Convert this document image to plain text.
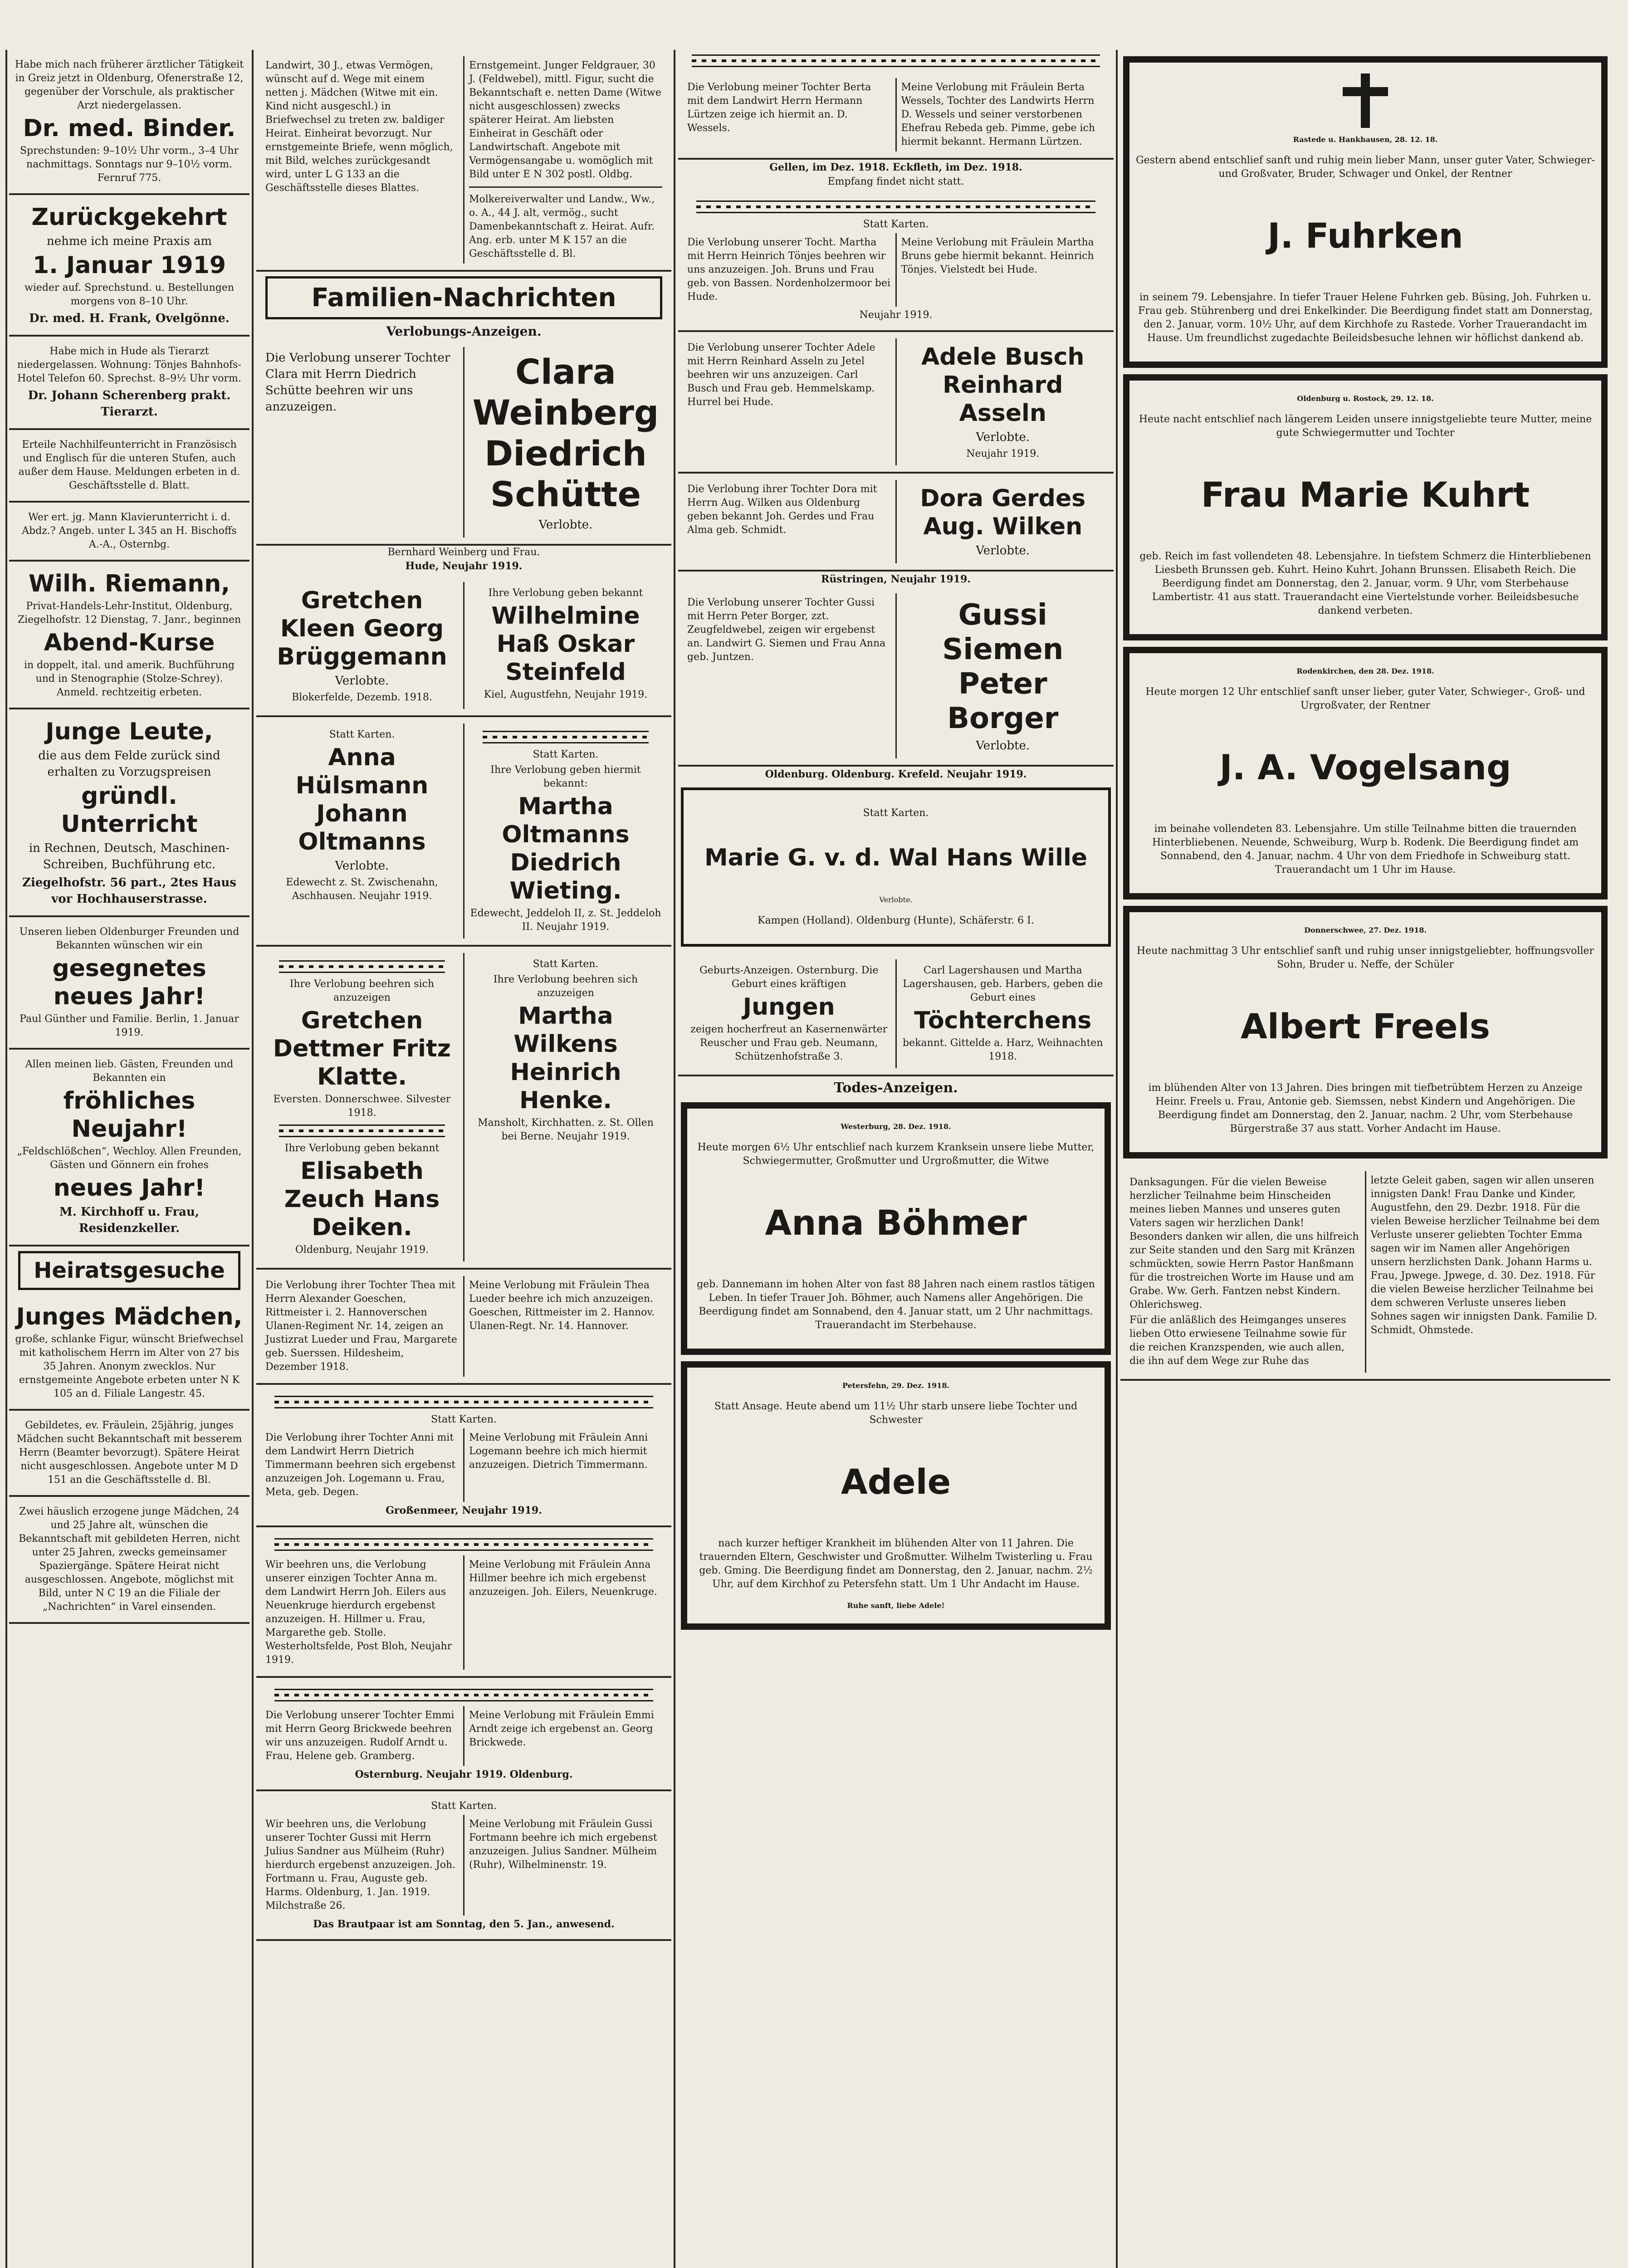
Habe mich nach früherer ärztlicher Tätigkeit in Greiz jetzt in Oldenburg, Ofenerstraße 12, gegenüber der Vorschule, als praktischer Arzt niedergelassen.

Dr. med. Binder.

Sprechstunden: 9–10½ Uhr vorm., 3–4 Uhr nachmittags. Sonntags nur 9–10½ vorm. Fernruf 775.

Zurückgekehrt

nehme ich meine Praxis am

1. Januar 1919

wieder auf. Sprechstund. u. Bestellungen morgens von 8–10 Uhr.

Dr. med. H. Frank, Ovelgönne.

Habe mich in Hude als Tierarzt niedergelassen. Wohnung: Tönjes Bahnhofs-Hotel Telefon 60. Sprechst. 8–9½ Uhr vorm.

Dr. Johann Scherenberg prakt. Tierarzt.

Erteile Nachhilfeunterricht in Französisch und Englisch für die unteren Stufen, auch außer dem Hause. Meldungen erbeten in d. Geschäftsstelle d. Blatt.

Wer ert. jg. Mann Klavierunterricht i. d. Abdz.? Angeb. unter L 345 an H. Bischoffs A.-A., Osternbg.

Wilh. Riemann,

Privat-Handels-Lehr-Institut, Oldenburg, Ziegelhofstr. 12 Dienstag, 7. Janr., beginnen

Abend-Kurse

in doppelt, ital. und amerik. Buchführung und in Stenographie (Stolze-Schrey). Anmeld. rechtzeitig erbeten.

Junge Leute,

die aus dem Felde zurück sind erhalten zu Vorzugspreisen

gründl. Unterricht

in Rechnen, Deutsch, Maschinen-Schreiben, Buchführung etc.

Ziegelhofstr. 56 part., 2tes Haus vor Hochhauserstrasse.

Unseren lieben Oldenburger Freunden und Bekannten wünschen wir ein

gesegnetes neues Jahr!

Paul Günther und Familie. Berlin, 1. Januar 1919.

Allen meinen lieb. Gästen, Freunden und Bekannten ein

fröhliches Neujahr!

„Feldschlößchen“, Wechloy. Allen Freunden, Gästen und Gönnern ein frohes

neues Jahr!

M. Kirchhoff u. Frau, Residenzkeller.

Heiratsgesuche

Junges Mädchen,

große, schlanke Figur, wünscht Briefwechsel mit katholischem Herrn im Alter von 27 bis 35 Jahren. Anonym zwecklos. Nur ernstgemeinte Angebote erbeten unter N K 105 an d. Filiale Langestr. 45.

Gebildetes, ev. Fräulein, 25jährig, junges Mädchen sucht Bekanntschaft mit besserem Herrn (Beamter bevorzugt). Spätere Heirat nicht ausgeschlossen. Angebote unter M D 151 an die Geschäftsstelle d. Bl.

Zwei häuslich erzogene junge Mädchen, 24 und 25 Jahre alt, wünschen die Bekanntschaft mit gebildeten Herren, nicht unter 25 Jahren, zwecks gemeinsamer Spaziergänge. Spätere Heirat nicht ausgeschlossen. Angebote, möglichst mit Bild, unter N C 19 an die Filiale der „Nachrichten“ in Varel einsenden.

Landwirt, 30 J., etwas Vermögen, wünscht auf d. Wege mit einem netten j. Mädchen (Witwe mit ein. Kind nicht ausgeschl.) in Briefwechsel zu treten zw. baldiger Heirat. Einheirat bevorzugt. Nur ernstgemeinte Briefe, wenn möglich, mit Bild, welches zurückgesandt wird, unter L G 133 an die Geschäftsstelle dieses Blattes.
Ernstgemeint. Junger Feldgrauer, 30 J. (Feldwebel), mittl. Figur, sucht die Bekanntschaft e. netten Dame (Witwe nicht ausgeschlossen) zwecks späterer Heirat. Am liebsten Einheirat in Geschäft oder Landwirtschaft. Angebote mit Vermögensangabe u. womöglich mit Bild unter E N 302 postl. Oldbg.
Molkereiverwalter und Landw., Ww., o. A., 44 J. alt, vermög., sucht Damenbekanntschaft z. Heirat. Aufr. Ang. erb. unter M K 157 an die Geschäftsstelle d. Bl.
Familien-Nachrichten

Verlobungs-Anzeigen.

Die Verlobung unserer Tochter Clara mit Herrn Diedrich Schütte beehren wir uns anzuzeigen.

Clara Weinberg Diedrich Schütte

Verlobte.

Bernhard Weinberg und Frau.

Hude, Neujahr 1919.

Gretchen Kleen Georg Brüggemann

Verlobte.

Blokerfelde, Dezemb. 1918.

Ihre Verlobung geben bekannt

Wilhelmine Haß Oskar Steinfeld

Kiel, Augustfehn, Neujahr 1919.

Statt Karten.

Anna Hülsmann Johann Oltmanns

Verlobte.

Edewecht z. St. Zwischenahn, Aschhausen. Neujahr 1919.

Statt Karten.

Ihre Verlobung geben hiermit bekannt:

Martha Oltmanns Diedrich Wieting.

Edewecht, Jeddeloh II, z. St. Jeddeloh II. Neujahr 1919.

Ihre Verlobung beehren sich anzuzeigen

Gretchen Dettmer Fritz Klatte.

Eversten. Donnerschwee. Silvester 1918.

Ihre Verlobung geben bekannt

Elisabeth Zeuch Hans Deiken.

Oldenburg, Neujahr 1919.

Statt Karten.

Ihre Verlobung beehren sich anzuzeigen

Martha Wilkens Heinrich Henke.

Mansholt, Kirchhatten. z. St. Ollen bei Berne. Neujahr 1919.

Die Verlobung ihrer Tochter Thea mit Herrn Alexander Goeschen, Rittmeister i. 2. Hannoverschen Ulanen-Regiment Nr. 14, zeigen an Justizrat Lueder und Frau, Margarete geb. Suerssen. Hildesheim, Dezember 1918.
Meine Verlobung mit Fräulein Thea Lueder beehre ich mich anzuzeigen. Goeschen, Rittmeister im 2. Hannov. Ulanen-Regt. Nr. 14. Hannover.

Statt Karten.

Die Verlobung ihrer Tochter Anni mit dem Landwirt Herrn Dietrich Timmermann beehren sich ergebenst anzuzeigen Joh. Logemann u. Frau, Meta, geb. Degen.
Meine Verlobung mit Fräulein Anni Logemann beehre ich mich hiermit anzuzeigen. Dietrich Timmermann.

Großenmeer, Neujahr 1919.

Wir beehren uns, die Verlobung unserer einzigen Tochter Anna m. dem Landwirt Herrn Joh. Eilers aus Neuenkruge hierdurch ergebenst anzuzeigen. H. Hillmer u. Frau, Margarethe geb. Stolle. Westerholtsfelde, Post Bloh, Neujahr 1919.
Meine Verlobung mit Fräulein Anna Hillmer beehre ich mich ergebenst anzuzeigen. Joh. Eilers, Neuenkruge.
Die Verlobung unserer Tochter Emmi mit Herrn Georg Brickwede beehren wir uns anzuzeigen. Rudolf Arndt u. Frau, Helene geb. Gramberg.
Meine Verlobung mit Fräulein Emmi Arndt zeige ich ergebenst an. Georg Brickwede.

Osternburg. Neujahr 1919. Oldenburg.

Statt Karten.

Wir beehren uns, die Verlobung unserer Tochter Gussi mit Herrn Julius Sandner aus Mülheim (Ruhr) hierdurch ergebenst anzuzeigen. Joh. Fortmann u. Frau, Auguste geb. Harms. Oldenburg, 1. Jan. 1919. Milchstraße 26.
Meine Verlobung mit Fräulein Gussi Fortmann beehre ich mich ergebenst anzuzeigen. Julius Sandner. Mülheim (Ruhr), Wilhelminenstr. 19.

Das Brautpaar ist am Sonntag, den 5. Jan., anwesend.

Die Verlobung meiner Tochter Berta mit dem Landwirt Herrn Hermann Lürtzen zeige ich hiermit an. D. Wessels.
Meine Verlobung mit Fräulein Berta Wessels, Tochter des Landwirts Herrn D. Wessels und seiner verstorbenen Ehefrau Rebeda geb. Pimme, gebe ich hiermit bekannt. Hermann Lürtzen.

Gellen, im Dez. 1918. Eckfleth, im Dez. 1918.

Empfang findet nicht statt.

Statt Karten.

Die Verlobung unserer Tocht. Martha mit Herrn Heinrich Tönjes beehren wir uns anzuzeigen. Joh. Bruns und Frau geb. von Bassen. Nordenholzermoor bei Hude.
Meine Verlobung mit Fräulein Martha Bruns gebe hiermit bekannt. Heinrich Tönjes. Vielstedt bei Hude.

Neujahr 1919.

Die Verlobung unserer Tochter Adele mit Herrn Reinhard Asseln zu Jetel beehren wir uns anzuzeigen. Carl Busch und Frau geb. Hemmelskamp. Hurrel bei Hude.

Adele Busch Reinhard Asseln

Verlobte.

Neujahr 1919.

Die Verlobung ihrer Tochter Dora mit Herrn Aug. Wilken aus Oldenburg geben bekannt Joh. Gerdes und Frau Alma geb. Schmidt.

Dora Gerdes Aug. Wilken

Verlobte.

Rüstringen, Neujahr 1919.

Die Verlobung unserer Tochter Gussi mit Herrn Peter Borger, zzt. Zeugfeldwebel, zeigen wir ergebenst an. Landwirt G. Siemen und Frau Anna geb. Juntzen.

Gussi Siemen Peter Borger

Verlobte.

Oldenburg. Oldenburg. Krefeld. Neujahr 1919.

Statt Karten.

Marie G. v. d. Wal Hans Wille

Verlobte.

Kampen (Holland). Oldenburg (Hunte), Schäferstr. 6 I.

Geburts-Anzeigen. Osternburg. Die Geburt eines kräftigen

Jungen

zeigen hocherfreut an Kasernenwärter Reuscher und Frau geb. Neumann, Schützenhofstraße 3.

Carl Lagershausen und Martha Lagershausen, geb. Harbers, geben die Geburt eines

Töchterchens

bekannt. Gittelde a. Harz, Weihnachten 1918.

Todes-Anzeigen.

Westerburg, 28. Dez. 1918.

Heute morgen 6½ Uhr entschlief nach kurzem Kranksein unsere liebe Mutter, Schwiegermutter, Großmutter und Urgroßmutter, die Witwe

Anna Böhmer

geb. Dannemann im hohen Alter von fast 88 Jahren nach einem rastlos tätigen Leben. In tiefer Trauer Joh. Böhmer, auch Namens aller Angehörigen. Die Beerdigung findet am Sonnabend, den 4. Januar statt, um 2 Uhr nachmittags. Trauerandacht im Sterbehause.

Petersfehn, 29. Dez. 1918.

Statt Ansage. Heute abend um 11½ Uhr starb unsere liebe Tochter und Schwester

Adele

nach kurzer heftiger Krankheit im blühenden Alter von 11 Jahren. Die trauernden Eltern, Geschwister und Großmutter. Wilhelm Twisterling u. Frau geb. Gming. Die Beerdigung findet am Donnerstag, den 2. Januar, nachm. 2½ Uhr, auf dem Kirchhof zu Petersfehn statt. Um 1 Uhr Andacht im Hause.

Ruhe sanft, liebe Adele!

Rastede u. Hankhausen, 28. 12. 18.

Gestern abend entschlief sanft und ruhig mein lieber Mann, unser guter Vater, Schwieger- und Großvater, Bruder, Schwager und Onkel, der Rentner

J. Fuhrken

in seinem 79. Lebensjahre. In tiefer Trauer Helene Fuhrken geb. Büsing, Joh. Fuhrken u. Frau geb. Stührenberg und drei Enkelkinder. Die Beerdigung findet statt am Donnerstag, den 2. Januar, vorm. 10½ Uhr, auf dem Kirchhofe zu Rastede. Vorher Trauerandacht im Hause. Um freundlichst zugedachte Beileidsbesuche lehnen wir höflichst dankend ab.

Oldenburg u. Rostock, 29. 12. 18.

Heute nacht entschlief nach längerem Leiden unsere innigstgeliebte teure Mutter, meine gute Schwiegermutter und Tochter

Frau Marie Kuhrt

geb. Reich im fast vollendeten 48. Lebensjahre. In tiefstem Schmerz die Hinterbliebenen Liesbeth Brunssen geb. Kuhrt. Heino Kuhrt. Johann Brunssen. Elisabeth Reich. Die Beerdigung findet am Donnerstag, den 2. Januar, vorm. 9 Uhr, vom Sterbehause Lambertistr. 41 aus statt. Trauerandacht eine Viertelstunde vorher. Beileidsbesuche dankend verbeten.

Rodenkirchen, den 28. Dez. 1918.

Heute morgen 12 Uhr entschlief sanft unser lieber, guter Vater, Schwieger-, Groß- und Urgroßvater, der Rentner

J. A. Vogelsang

im beinahe vollendeten 83. Lebensjahre. Um stille Teilnahme bitten die trauernden Hinterbliebenen. Neuende, Schweiburg, Wurp b. Rodenk. Die Beerdigung findet am Sonnabend, den 4. Januar, nachm. 4 Uhr von dem Friedhofe in Schweiburg statt. Trauerandacht um 1 Uhr im Hause.

Donnerschwee, 27. Dez. 1918.

Heute nachmittag 3 Uhr entschlief sanft und ruhig unser innigstgeliebter, hoffnungsvoller Sohn, Bruder u. Neffe, der Schüler

Albert Freels

im blühenden Alter von 13 Jahren. Dies bringen mit tiefbetrübtem Herzen zu Anzeige Heinr. Freels u. Frau, Antonie geb. Siemssen, nebst Kindern und Angehörigen. Die Beerdigung findet am Donnerstag, den 2. Januar, nachm. 2 Uhr, vom Sterbehause Bürgerstraße 37 aus statt. Vorher Andacht im Hause.

Danksagungen. Für die vielen Beweise herzlicher Teilnahme beim Hinscheiden meines lieben Mannes und unseres guten Vaters sagen wir herzlichen Dank! Besonders danken wir allen, die uns hilfreich zur Seite standen und den Sarg mit Kränzen schmückten, sowie Herrn Pastor Hanßmann für die trostreichen Worte im Hause und am Grabe. Ww. Gerh. Fantzen nebst Kindern. Ohlerichsweg.

Für die anläßlich des Heimganges unseres lieben Otto erwiesene Teilnahme sowie für die reichen Kranzspenden, wie auch allen, die ihn auf dem Wege zur Ruhe das

letzte Geleit gaben, sagen wir allen unseren innigsten Dank! Frau Danke und Kinder, Augustfehn, den 29. Dezbr. 1918. Für die vielen Beweise herzlicher Teilnahme bei dem Verluste unserer geliebten Tochter Emma sagen wir im Namen aller Angehörigen unsern herzlichsten Dank. Johann Harms u. Frau, Jpwege. Jpwege, d. 30. Dez. 1918. Für die vielen Beweise herzlicher Teilnahme bei dem schweren Verluste unseres lieben Sohnes sagen wir innigsten Dank. Familie D. Schmidt, Ohmstede.
